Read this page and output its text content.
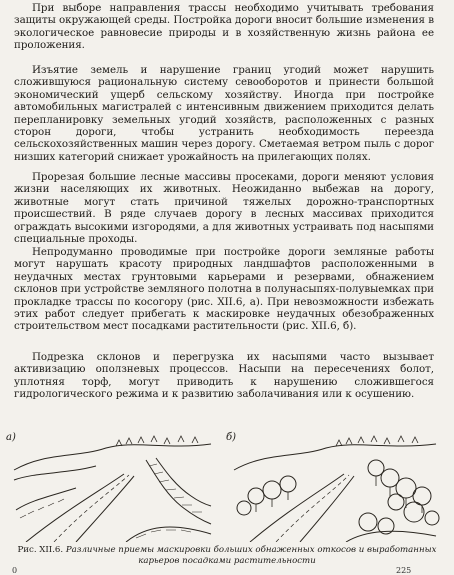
При выборе направления трассы необходимо учитывать требования защиты окружающей среды. Постройка дороги вносит большие изменения в экологическое равновесие природы и в хозяйственную жизнь района ее проложения.

Изъятие земель и нарушение границ угодий может нарушить сложившуюся рациональную систему севооборотов и принести большой экономический ущерб сельскому хозяйству. Иногда при постройке автомобильных магистралей с интенсивным движением приходится делать перепланировку земельных угодий хозяйств, расположенных с разных сторон дороги, чтобы устранить необходимость переезда сельскохозяйственных машин через дорогу. Сметаемая ветром пыль с дорог низших категорий снижает урожайность на прилегающих полях.

Прорезая большие лесные массивы просеками, дороги меняют условия жизни населяющих их животных. Неожиданно выбежав на дорогу, животные могут стать причиной тяжелых дорожно-транспортных происшествий. В ряде случаев дорогу в лесных массивах приходится ограждать высокими изгородями, а для животных устраивать под насыпями специальные проходы.

Непродуманно проводимые при постройке дороги земляные работы могут нарушать красоту природных ландшафтов расположенными в неудачных местах грунтовыми карьерами и резервами, обнажением склонов при устройстве земляного полотна в полунасыпях-полувыемках при прокладке трассы по косогору (рис. XII.6, а). При невозможности избежать этих работ следует прибегать к маскировке неудачных обезображенных строительством мест посадками растительности (рис. XII.6, б).

Подрезка склонов и перегрузка их насыпями часто вызывает активизацию оползневых процессов. Насыпи на пересечениях болот, уплотняя торф, могут приводить к нарушению сложившегося гидрологического режима и к развитию заболачивания или к осушению.

а)	б)

Рис. XII.6. Различные приемы маскировки больших обнаженных откосов и выработанных карьеров посадками растительности

0	225
